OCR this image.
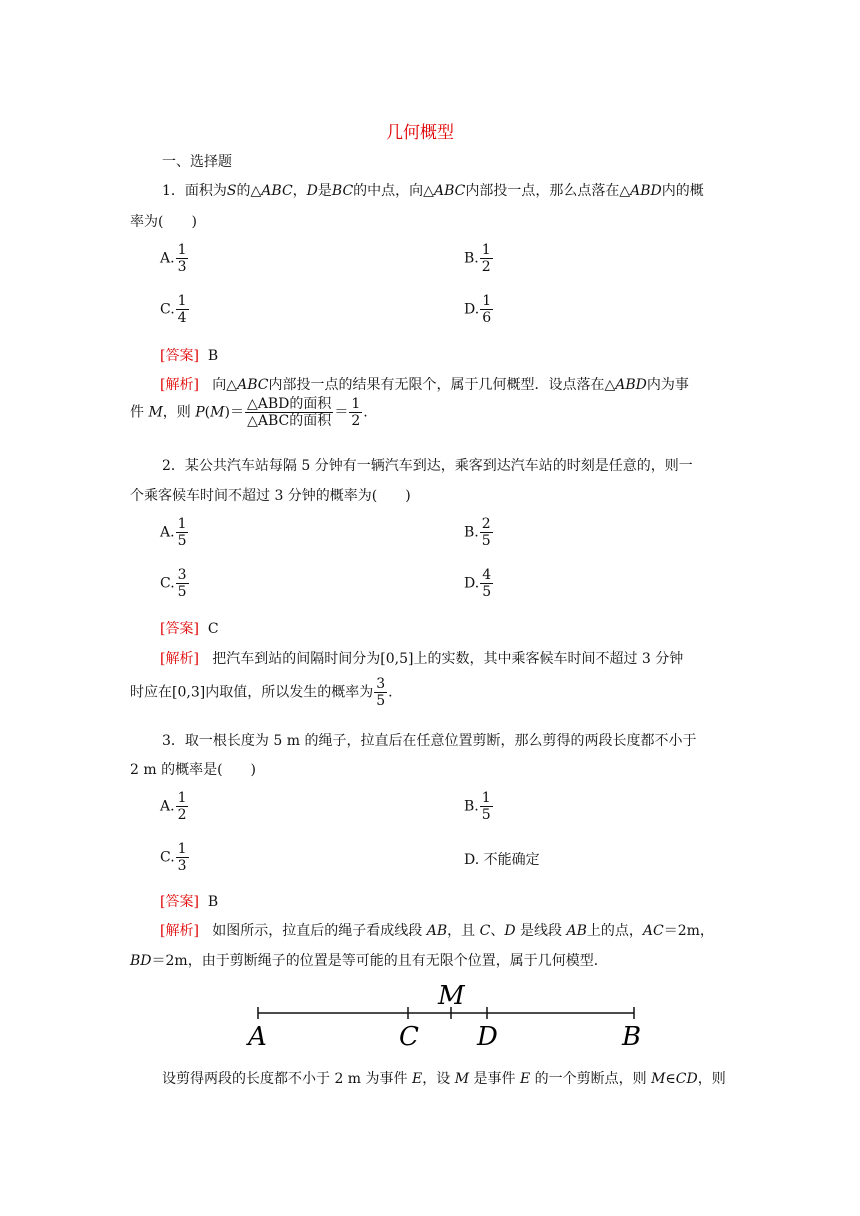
几何概型
一、选择题
1．面积为S的△ABC，D是BC的中点，向△ABC内部投一点，那么点落在△ABD内的概
率为(　　)
A. $\frac{1}{3}$	B. $\frac{1}{2}$
C. $\frac{1}{4}$	D. $\frac{1}{6}$
[答案] B
[解析] 向△ABC内部投一点的结果有无限个，属于几何概型．设点落在△ABD内为事
件 M，则 $P(M)= \frac{\text{△ABD的面积}}{\text{△ABC的面积}} = \frac{1}{2}$ .
2．某公共汽车站每隔 5 分钟有一辆汽车到达，乘客到达汽车站的时刻是任意的，则一
个乘客候车时间不超过 3 分钟的概率为(　　)
A. $\frac{1}{5}$	B. $\frac{2}{5}$
C. $\frac{3}{5}$	D. $\frac{4}{5}$
[答案] C
[解析] 把汽车到站的间隔时间分为[0,5]上的实数，其中乘客候车时间不超过 3 分钟
时应在[0,3]内取值，所以发生的概率为 $\frac{3}{5}$ .
3．取一根长度为 5 m 的绳子，拉直后在任意位置剪断，那么剪得的两段长度都不小于
2 m 的概率是(　　)
A. $\frac{1}{2}$	B. $\frac{1}{5}$
C. $\frac{1}{3}$	D. 不能确定
[答案] B
[解析] 如图所示，拉直后的绳子看成线段 AB，且 C、D 是线段 AB上的点，AC＝2m，
BD＝2m，由于剪断绳子的位置是等可能的且有无限个位置，属于几何模型．
A	C
M
D	B
设剪得两段的长度都不小于 2 m 为事件 E，设 M 是事件 E 的一个剪断点，则 M∈CD，则
